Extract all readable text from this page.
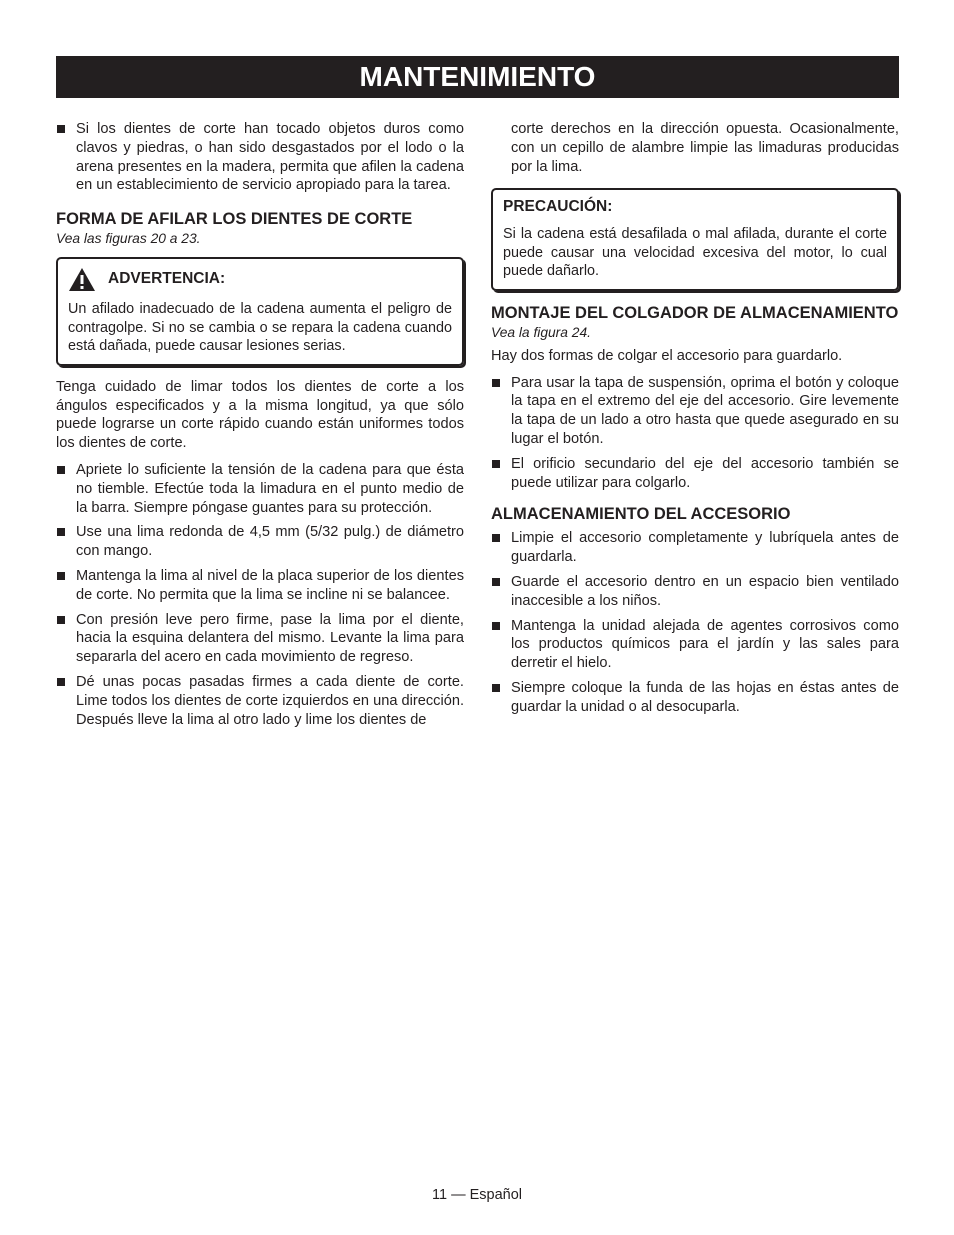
MANTENIMIENTO
Si los dientes de corte han tocado objetos duros como clavos y piedras, o han sido desgastados por el lodo o la arena presentes en la madera, permita que afilen la cadena en un establecimiento de servicio apropiado para la tarea.
FORMA DE AFILAR LOS DIENTES DE CORTE
Vea las figuras 20 a 23.
ADVERTENCIA:
Un afilado inadecuado de la cadena aumenta el peligro de contragolpe. Si no se cambia o se repara la cadena cuando está dañada, puede causar lesiones serias.

Tenga cuidado de limar todos los dientes de corte a los ángulos especificados y a la misma longitud, ya que sólo puede lograrse un corte rápido cuando están uniformes todos los dientes de corte.

Apriete lo suficiente la tensión de la cadena para que ésta no tiemble. Efectúe toda la limadura en el punto medio de la barra. Siempre póngase guantes para su protección.
Use una lima redonda de 4,5 mm (5/32 pulg.) de diámetro con mango.
Mantenga la lima al nivel de la placa superior de los dientes de corte. No permita que la lima se incline ni se balancee.
Con presión leve pero firme, pase la lima por el diente, hacia la esquina delantera del mismo. Levante la lima para separarla del acero en cada movimiento de regreso.
Dé unas pocas pasadas firmes a cada diente de corte. Lime todos los dientes de corte izquierdos en una dirección. Después lleve la lima al otro lado y lime los dientes de

corte derechos en la dirección opuesta. Ocasionalmente, con un cepillo de alambre limpie las limaduras producidas por la lima.

PRECAUCIÓN:
Si la cadena está desafilada o mal afilada, durante el corte puede causar una velocidad excesiva del motor, lo cual puede dañarlo.
MONTAJE DEL COLGADOR DE ALMACENAMIENTO
Vea la figura 24.

Hay dos formas de colgar el accesorio para guardarlo.

Para usar la tapa de suspensión, oprima el botón y coloque la tapa en el extremo del eje del accesorio. Gire levemente la tapa de un lado a otro hasta que quede asegurado en su lugar el botón.
El orificio secundario del eje del accesorio también se puede utilizar para colgarlo.
ALMACENAMIENTO DEL ACCESORIO
Limpie el accesorio completamente y lubríquela antes de guardarla.
Guarde el accesorio dentro en un espacio bien ventilado inaccesible a los niños.
Mantenga la unidad alejada de agentes corrosivos como los productos químicos para el jardín y las sales para derretir el hielo.
Siempre coloque la funda de las hojas en éstas antes de guardar la unidad o al desocuparla.
11 — Español
